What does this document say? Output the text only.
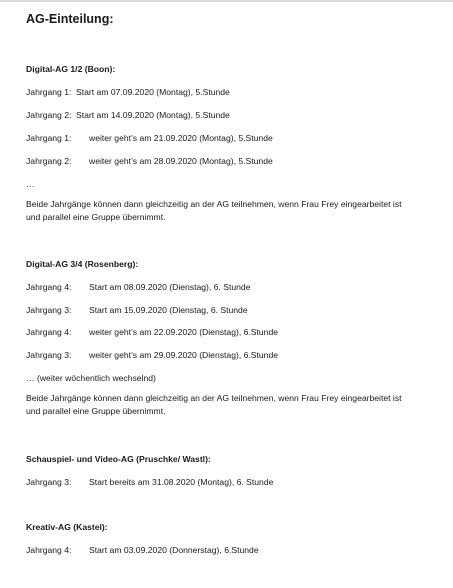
AG-Einteilung:
Digital-AG 1/2 (Boon):
Jahrgang 1: Start am 07.09.2020 (Montag), 5.Stunde
Jahrgang 2: Start am 14.09.2020 (Montag), 5.Stunde
Jahrgang 1: weiter geht’s am 21.09.2020 (Montag), 5.Stunde
Jahrgang 2: weiter geht’s am 28.09.2020 (Montag), 5.Stunde
…
Beide Jahrgänge können dann gleichzeitig an der AG teilnehmen, wenn Frau Frey eingearbeitet ist
und parallel eine Gruppe übernimmt.
Digital-AG 3/4 (Rosenberg):
Jahrgang 4: Start am 08.09.2020 (Dienstag), 6. Stunde
Jahrgang 3: Start am 15.09.2020 (Dienstag, 6. Stunde
Jahrgang 4: weiter geht’s am 22.09.2020 (Dienstag), 6.Stunde
Jahrgang 3: weiter geht’s am 29.09.2020 (Dienstag), 6.Stunde
… (weiter wöchentlich wechselnd)
Beide Jahrgänge können dann gleichzeitig an der AG teilnehmen, wenn Frau Frey eingearbeitet ist
und parallel eine Gruppe übernimmt.
Schauspiel- und Video-AG (Pruschke/ Wastl):
Jahrgang 3: Start bereits am 31.08.2020 (Montag), 6. Stunde
Kreativ-AG (Kastel):
Jahrgang 4: Start am 03.09.2020 (Donnerstag), 6.Stunde
